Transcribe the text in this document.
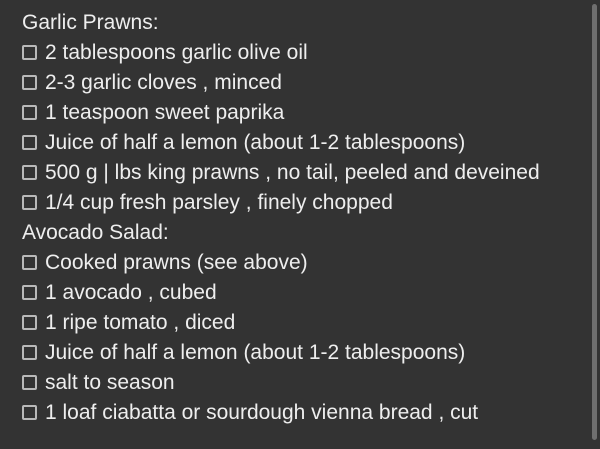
Garlic Prawns:
2 tablespoons garlic olive oil
2-3 garlic cloves , minced
1 teaspoon sweet paprika
Juice of half a lemon (about 1-2 tablespoons)
500 g | lbs king prawns , no tail, peeled and deveined
1/4 cup fresh parsley , finely chopped
Avocado Salad:
Cooked prawns (see above)
1 avocado , cubed
1 ripe tomato , diced
Juice of half a lemon (about 1-2 tablespoons)
salt to season
1 loaf ciabatta or sourdough vienna bread , cut
